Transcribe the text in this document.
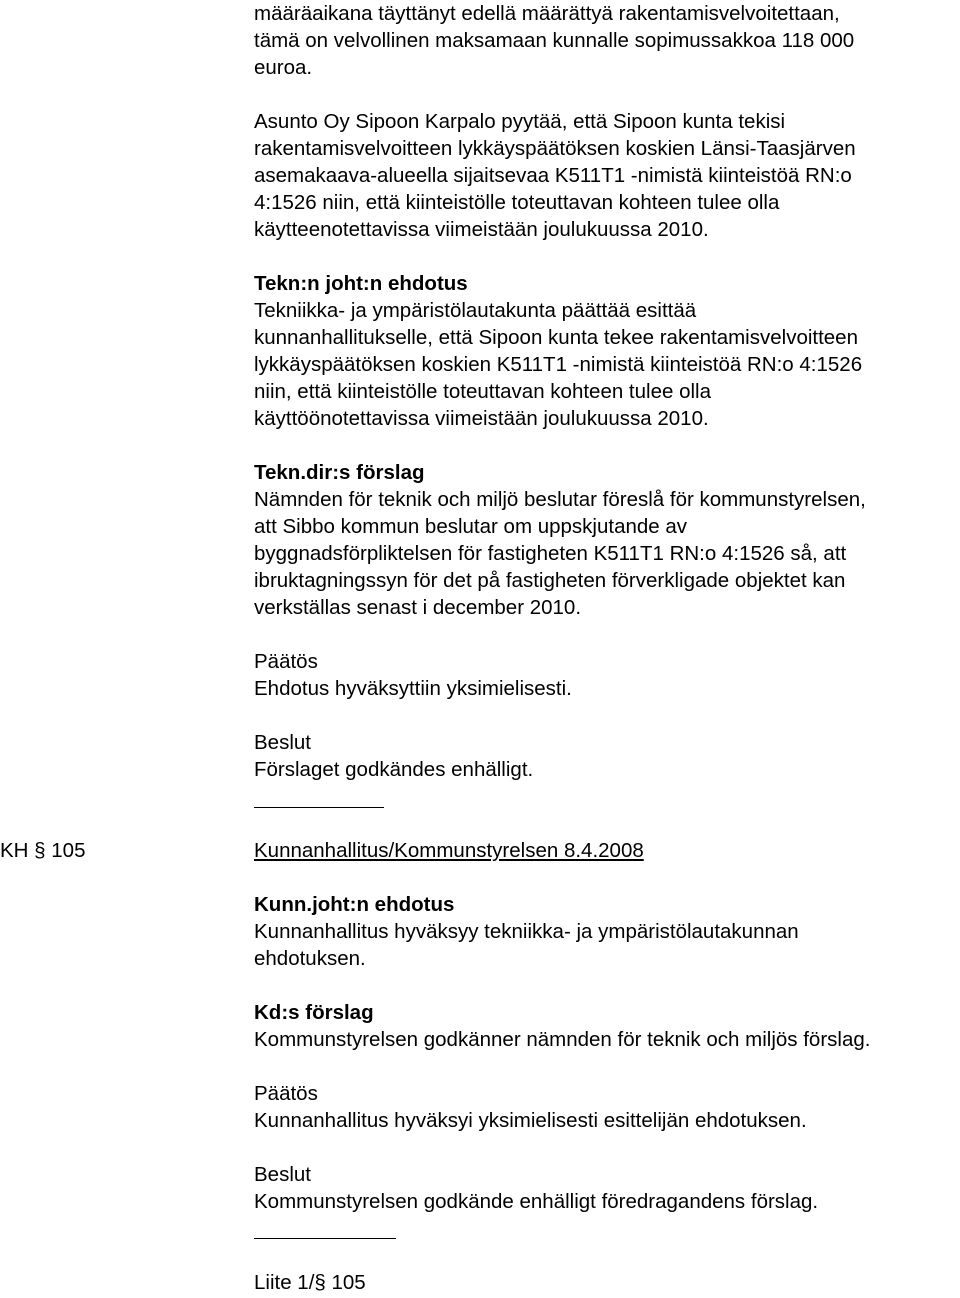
määräaikana täyttänyt edellä määrättyä rakentamisvelvoitettaan,
tämä on velvollinen maksamaan kunnalle sopimussakkoa 118 000
euroa.

Asunto Oy Sipoon Karpalo pyytää, että Sipoon kunta tekisi
rakentamisvelvoitteen lykkäyspäätöksen koskien Länsi-Taasjärven
asemakaava-alueella sijaitsevaa K511T1 -nimistä kiinteistöä RN:o
4:1526 niin, että kiinteistölle toteuttavan kohteen tulee olla
käytteenotettavissa viimeistään joulukuussa 2010.

Tekn:n joht:n ehdotus

Tekniikka- ja ympäristölautakunta päättää esittää
kunnanhallitukselle, että Sipoon kunta tekee rakentamisvelvoitteen
lykkäyspäätöksen koskien K511T1 -nimistä kiinteistöä RN:o 4:1526
niin, että kiinteistölle toteuttavan kohteen tulee olla
käyttöönotettavissa viimeistään joulukuussa 2010.

Tekn.dir:s förslag

Nämnden för teknik och miljö beslutar föreslå för kommunstyrelsen,
att Sibbo kommun beslutar om uppskjutande av
byggnadsförpliktelsen för fastigheten K511T1 RN:o 4:1526 så, att
ibruktagningssyn för det på fastigheten förverkligade objektet kan
verkställas senast i december 2010.

Päätös

Ehdotus hyväksyttiin yksimielisesti.

Beslut

Förslaget godkändes enhälligt.

KH § 105	Kunnanhallitus/Kommunstyrelsen 8.4.2008

Kunn.joht:n ehdotus

Kunnanhallitus hyväksyy tekniikka- ja ympäristölautakunnan
ehdotuksen.

Kd:s förslag

Kommunstyrelsen godkänner nämnden för teknik och miljös förslag.

Päätös

Kunnanhallitus hyväksyi yksimielisesti esittelijän ehdotuksen.

Beslut

Kommunstyrelsen godkände enhälligt föredragandens förslag.

Liite 1/§ 105
